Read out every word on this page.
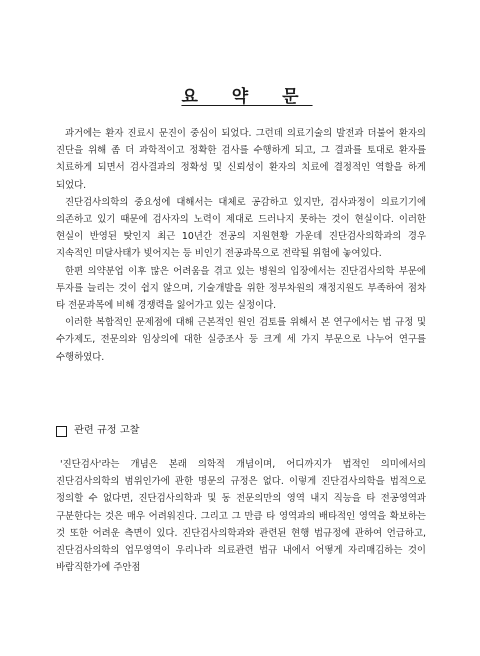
요 약 문

과거에는 환자 진료시 문진이 중심이 되었다. 그런데 의료기술의 발전과 더불어 환자의 진단을 위해 좀 더 과학적이고 정확한 검사를 수행하게 되고, 그 결과를 토대로 환자를 치료하게 되면서 검사결과의 정확성 및 신뢰성이 환자의 치료에 결정적인 역할을 하게 되었다.

진단검사의학의 중요성에 대해서는 대체로 공감하고 있지만, 검사과정이 의료기기에 의존하고 있기 때문에 검사자의 노력이 제대로 드러나지 못하는 것이 현실이다. 이러한 현실이 반영된 탓인지 최근 10년간 전공의 지원현황 가운데 진단검사의학과의 경우 지속적인 미달사태가 빚어지는 등 비인기 전공과목으로 전락될 위험에 놓여있다.

한편 의약분업 이후 많은 어려움을 겪고 있는 병원의 입장에서는 진단검사의학 부문에 투자를 늘리는 것이 쉽지 않으며, 기술개발을 위한 정부차원의 재정지원도 부족하여 점차 타 전문과목에 비해 경쟁력을 잃어가고 있는 실정이다.

이러한 복합적인 문제점에 대해 근본적인 원인 검토를 위해서 본 연구에서는 법 규정 및 수가제도, 전문의와 임상의에 대한 실증조사 등 크게 세 가지 부문으로 나누어 연구를 수행하였다.

관련 규정 고찰

'진단검사'라는 개념은 본래 의학적 개념이며, 어디까지가 법적인 의미에서의 진단검사의학의 범위인가에 관한 명문의 규정은 없다. 이렇게 진단검사의학을 법적으로 정의할 수 없다면, 진단검사의학과 및 동 전문의만의 영역 내지 직능을 타 전공영역과 구분한다는 것은 매우 어려워진다. 그리고 그 만큼 타 영역과의 배타적인 영역을 확보하는 것 또한 어려운 측면이 있다. 진단검사의학과와 관련된 현행 법규정에 관하여 언급하고, 진단검사의학의 업무영역이 우리나라 의료관련 법규 내에서 어떻게 자리매김하는 것이 바람직한가에 주안점
